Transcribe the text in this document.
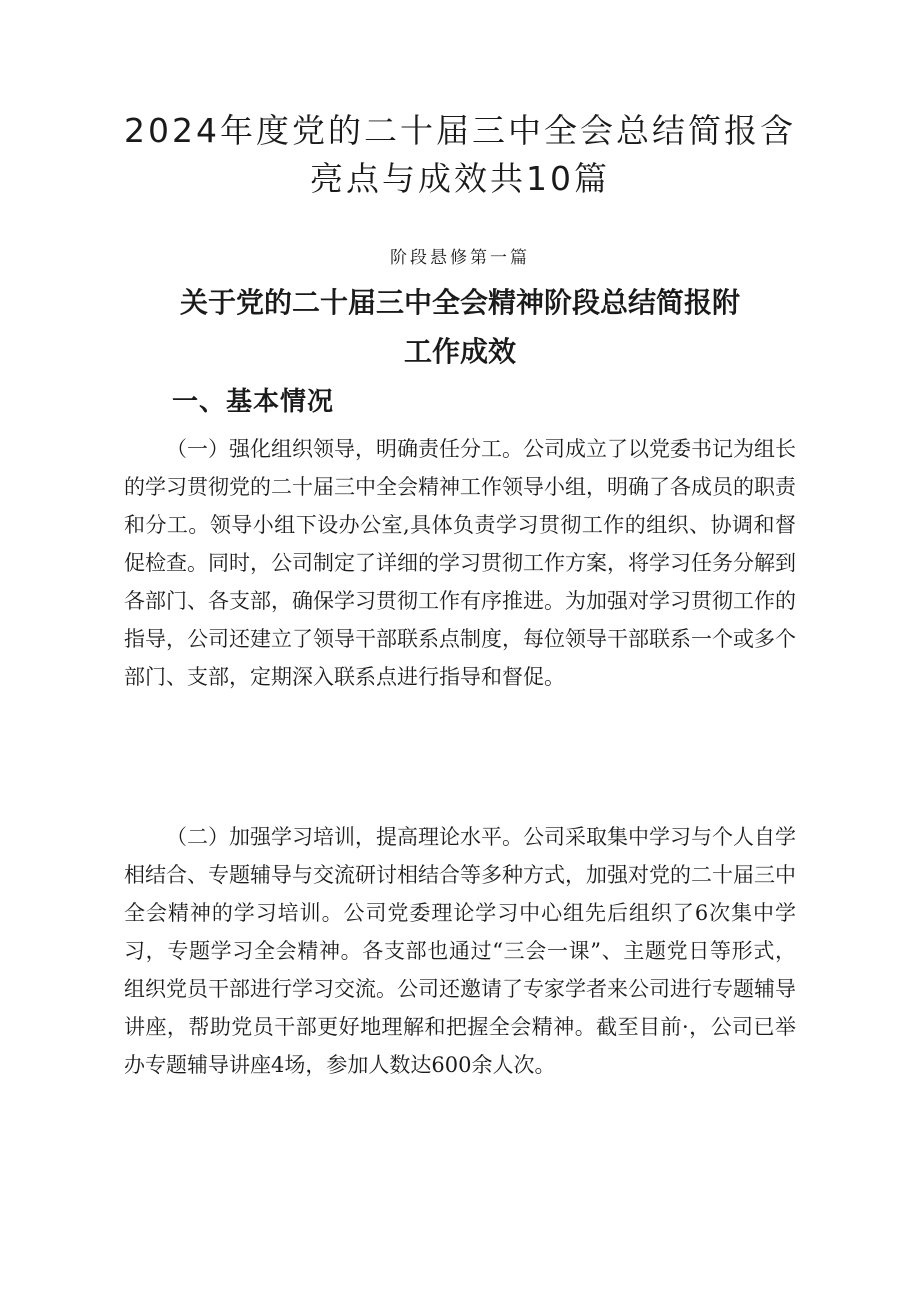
2024年度党的二十届三中全会总结简报含
亮点与成效共10篇
阶段悬修第一篇
关于党的二十届三中全会精神阶段总结简报附
工作成效
一、基本情况

（一）强化组织领导，明确责任分工。公司成立了以党委书记为组长的学习贯彻党的二十届三中全会精神工作领导小组，明确了各成员的职责和分工。领导小组下设办公室,具体负责学习贯彻工作的组织、协调和督促检查。同时，公司制定了详细的学习贯彻工作方案，将学习任务分解到各部门、各支部，确保学习贯彻工作有序推进。为加强对学习贯彻工作的指导，公司还建立了领导干部联系点制度，每位领导干部联系一个或多个部门、支部，定期深入联系点进行指导和督促。

（二）加强学习培训，提高理论水平。公司采取集中学习与个人自学相结合、专题辅导与交流研讨相结合等多种方式，加强对党的二十届三中全会精神的学习培训。公司党委理论学习中心组先后组织了6次集中学习，专题学习全会精神。各支部也通过“三会一课”、主题党日等形式，组织党员干部进行学习交流。公司还邀请了专家学者来公司进行专题辅导讲座，帮助党员干部更好地理解和把握全会精神。截至目前·，公司已举办专题辅导讲座4场，参加人数达600余人次。
